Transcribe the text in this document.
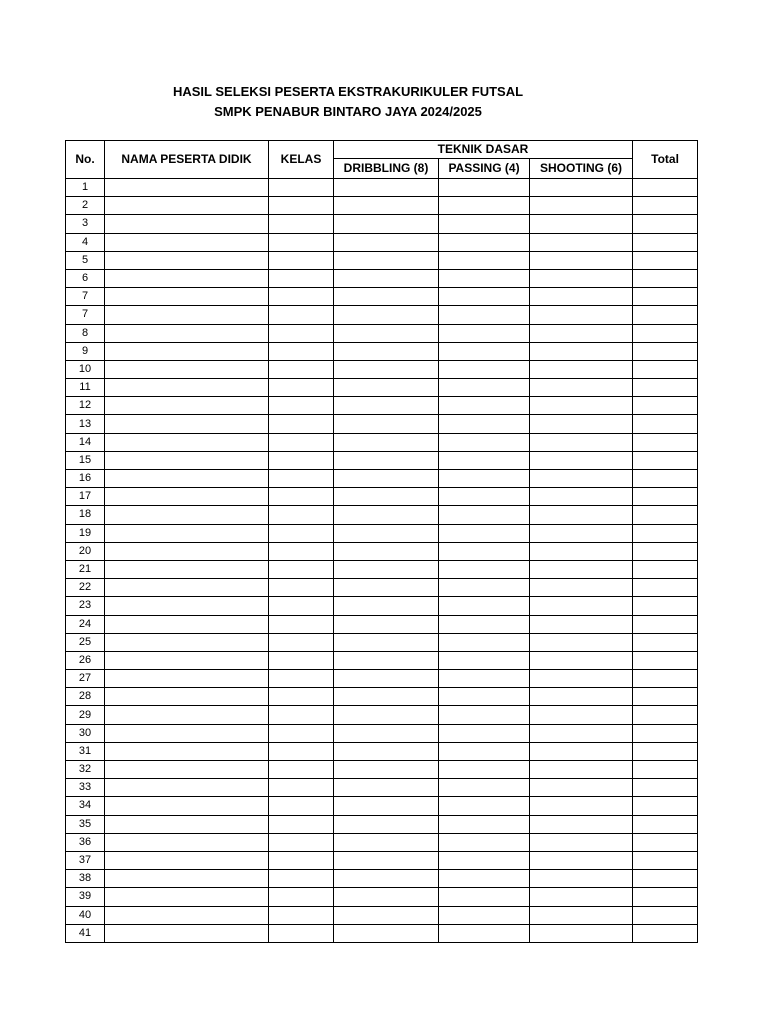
HASIL SELEKSI PESERTA EKSTRAKURIKULER FUTSAL
SMPK PENABUR BINTARO JAYA 2024/2025
No.	NAMA PESERTA DIDIK	KELAS	TEKNIK DASAR			Total
			DRIBBLING (8)	PASSING (4)	SHOOTING (6)	
1						
2						
3						
4						
5						
6						
7						
7						
8						
9						
10						
11						
12						
13						
14						
15						
16						
17						
18						
19						
20						
21						
22						
23						
24						
25						
26						
27						
28						
29						
30						
31						
32						
33						
34						
35						
36						
37						
38						
39						
40						
41						
